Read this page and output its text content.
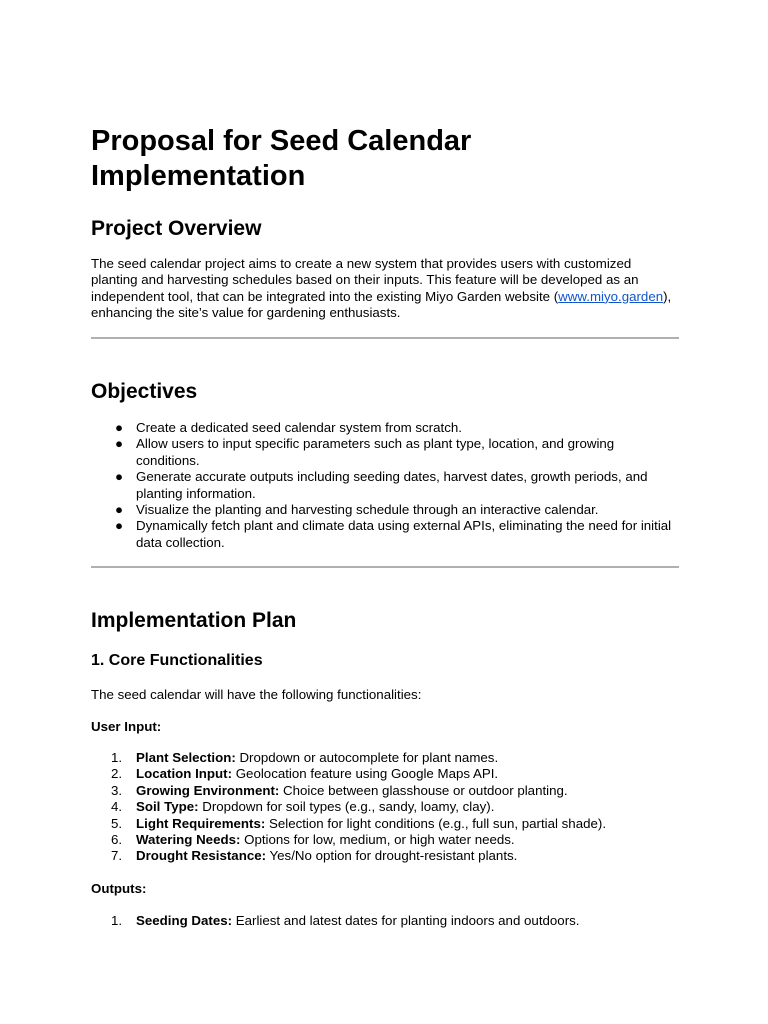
Proposal for Seed Calendar Implementation
Project Overview

The seed calendar project aims to create a new system that provides users with customized planting and harvesting schedules based on their inputs. This feature will be developed as an independent tool, that can be integrated into the existing Miyo Garden website (www.miyo.garden), enhancing the site’s value for gardening enthusiasts.

Objectives
● Create a dedicated seed calendar system from scratch.
● Allow users to input specific parameters such as plant type, location, and growing conditions.
● Generate accurate outputs including seeding dates, harvest dates, growth periods, and planting information.
● Visualize the planting and harvesting schedule through an interactive calendar.
● Dynamically fetch plant and climate data using external APIs, eliminating the need for initial data collection.
Implementation Plan
1. Core Functionalities

The seed calendar will have the following functionalities:

User Input:

1.	Plant Selection: Dropdown or autocomplete for plant names.
2.	Location Input: Geolocation feature using Google Maps API.
3.	Growing Environment: Choice between glasshouse or outdoor planting.
4.	Soil Type: Dropdown for soil types (e.g., sandy, loamy, clay).
5.	Light Requirements: Selection for light conditions (e.g., full sun, partial shade).
6.	Watering Needs: Options for low, medium, or high water needs.
7.	Drought Resistance: Yes/No option for drought-resistant plants.

Outputs:

1.	Seeding Dates: Earliest and latest dates for planting indoors and outdoors.
